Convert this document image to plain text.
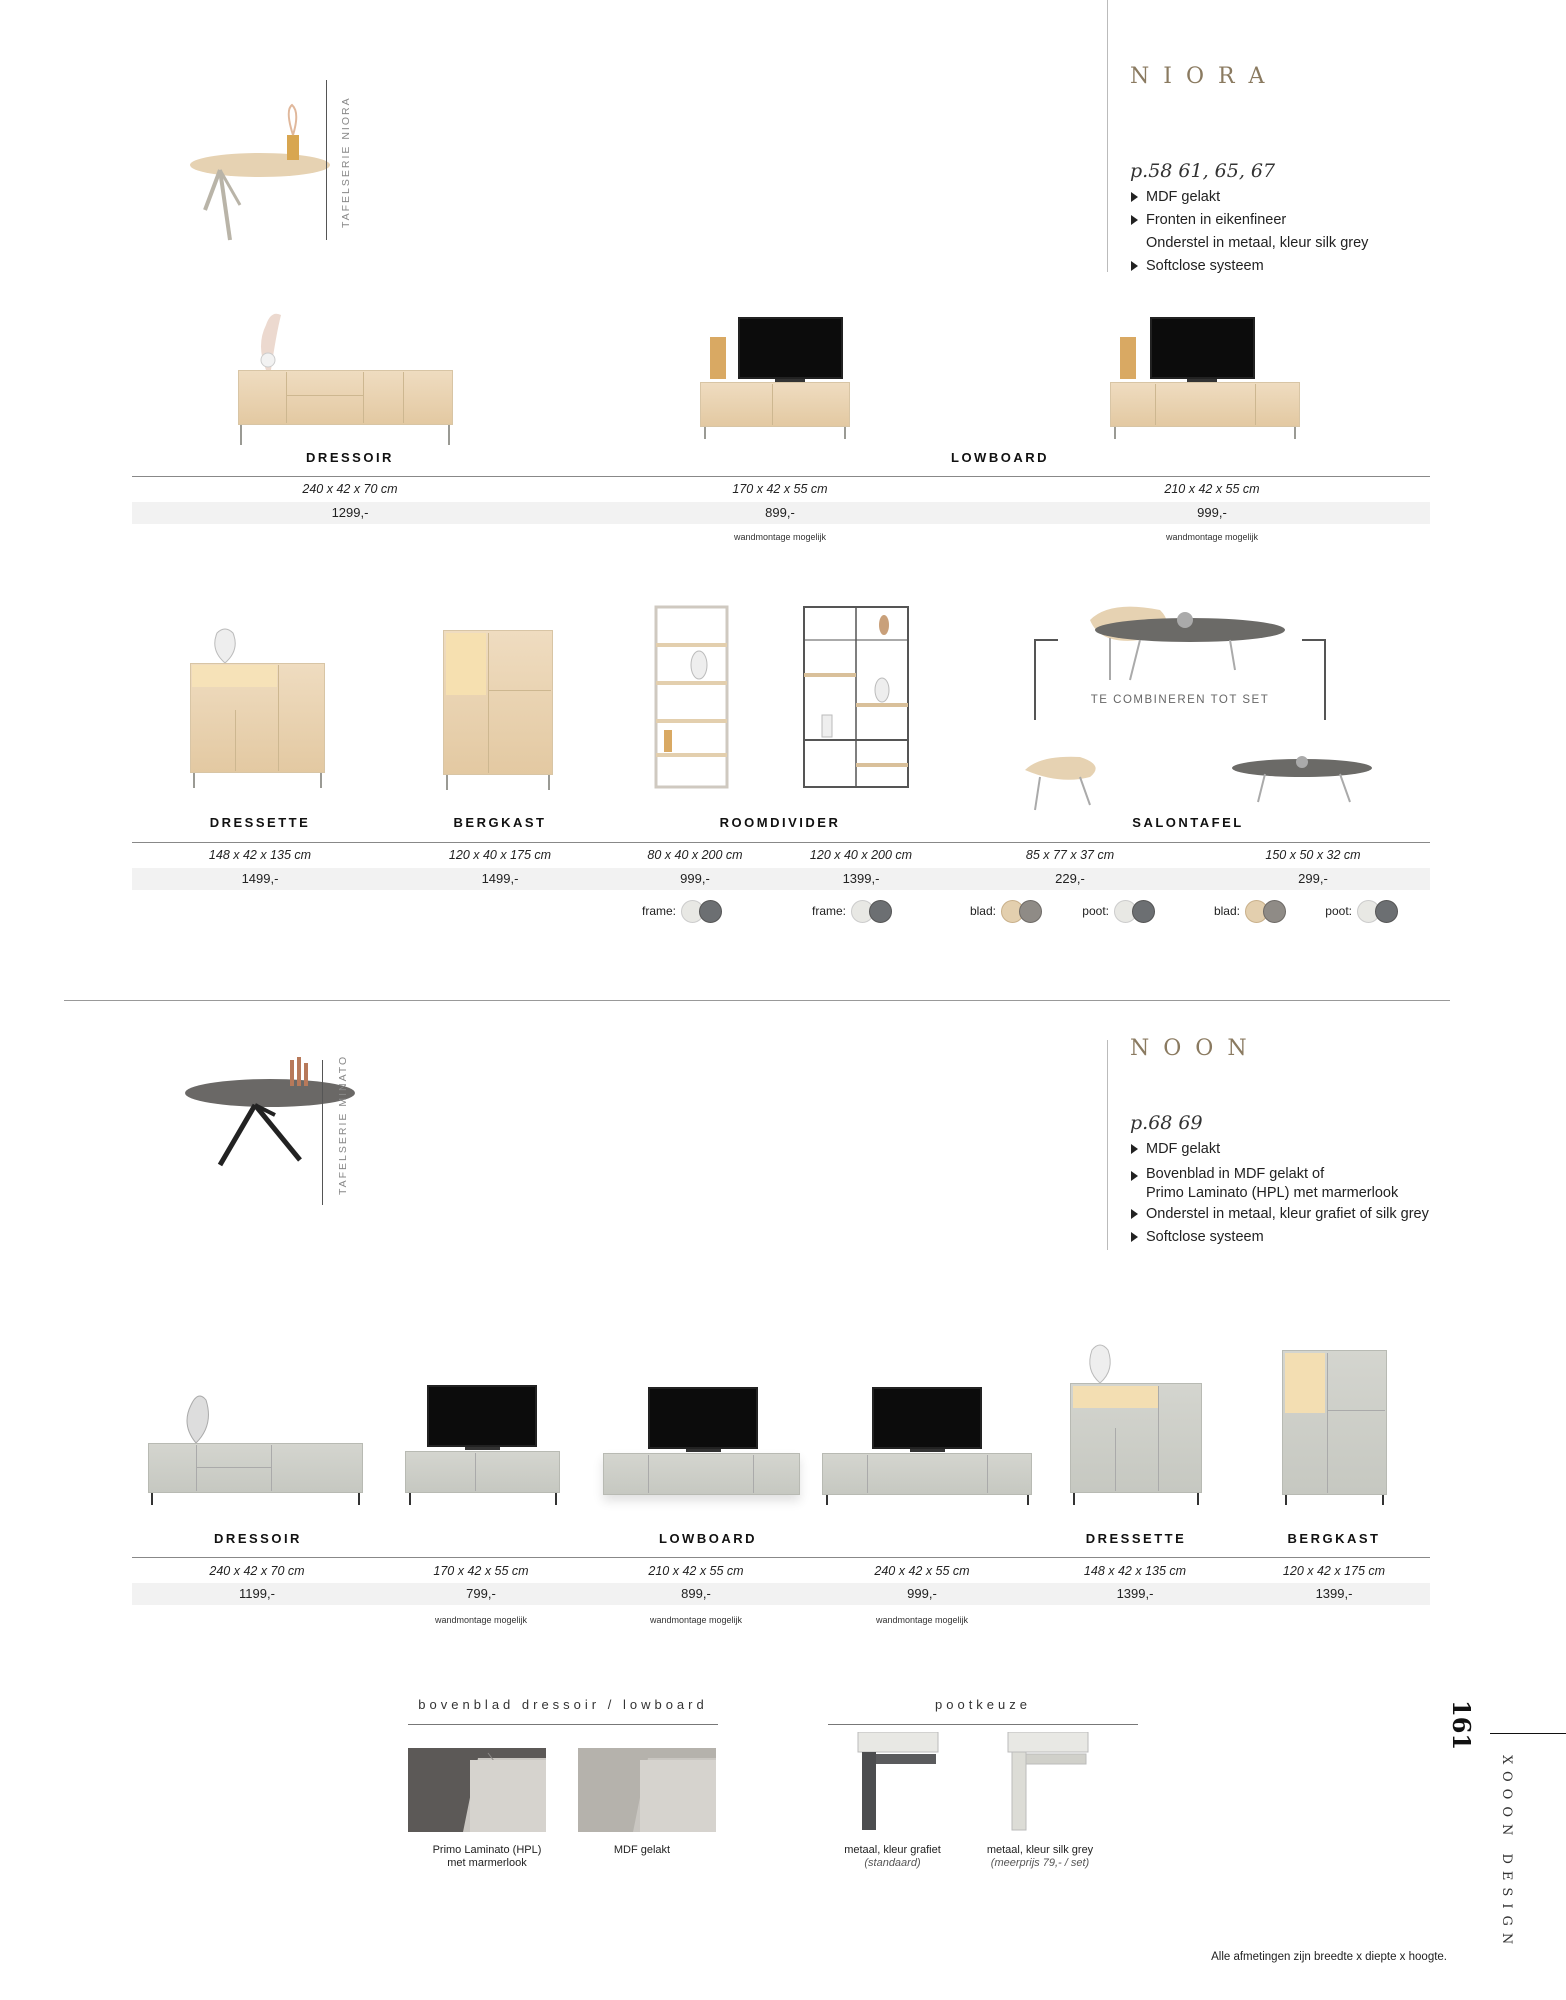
NIORA
p.58 61, 65, 67
MDF gelakt
Fronten in eikenfineer
Onderstel in metaal, kleur silk grey
Softclose systeem
TAFELSERIE NIORA
DRESSOIR	LOWBOARD
240 x 42 x 70 cm	170 x 42 x 55 cm	210 x 42 x 55 cm
1299,-	899,-	999,-
wandmontage mogelijk	wandmontage mogelijk
TE COMBINEREN TOT SET
DRESSETTE	BERGKAST	ROOMDIVIDER	SALONTAFEL
148 x 42 x 135 cm	120 x 40 x 175 cm	80 x 40 x 200 cm	120 x 40 x 200 cm	85 x 77 x 37 cm	150 x 50 x 32 cm
1499,-	1499,-	999,-	1399,-	229,-	299,-
frame:	frame:	blad:	poot:	blad:	poot:
NOON
p.68 69
MDF gelakt
Bovenblad in MDF gelakt of
Primo Laminato (HPL) met marmerlook
Onderstel in metaal, kleur grafiet of silk grey
Softclose systeem
TAFELSERIE MINATO
DRESSOIR	LOWBOARD	DRESSETTE	BERGKAST
240 x 42 x 70 cm	170 x 42 x 55 cm	210 x 42 x 55 cm	240 x 42 x 55 cm	148 x 42 x 135 cm	120 x 42 x 175 cm
1199,-	799,-	899,-	999,-	1399,-	1399,-
wandmontage mogelijk	wandmontage mogelijk	wandmontage mogelijk
bovenblad dressoir / lowboard	pootkeuze
Primo Laminato (HPL)
met marmerlook
MDF gelakt	metaal, kleur grafiet
(standaard)
metaal, kleur silk grey
(meerprijs 79,- / set)
161
XOOON DESIGN
Alle afmetingen zijn breedte x diepte x hoogte.
